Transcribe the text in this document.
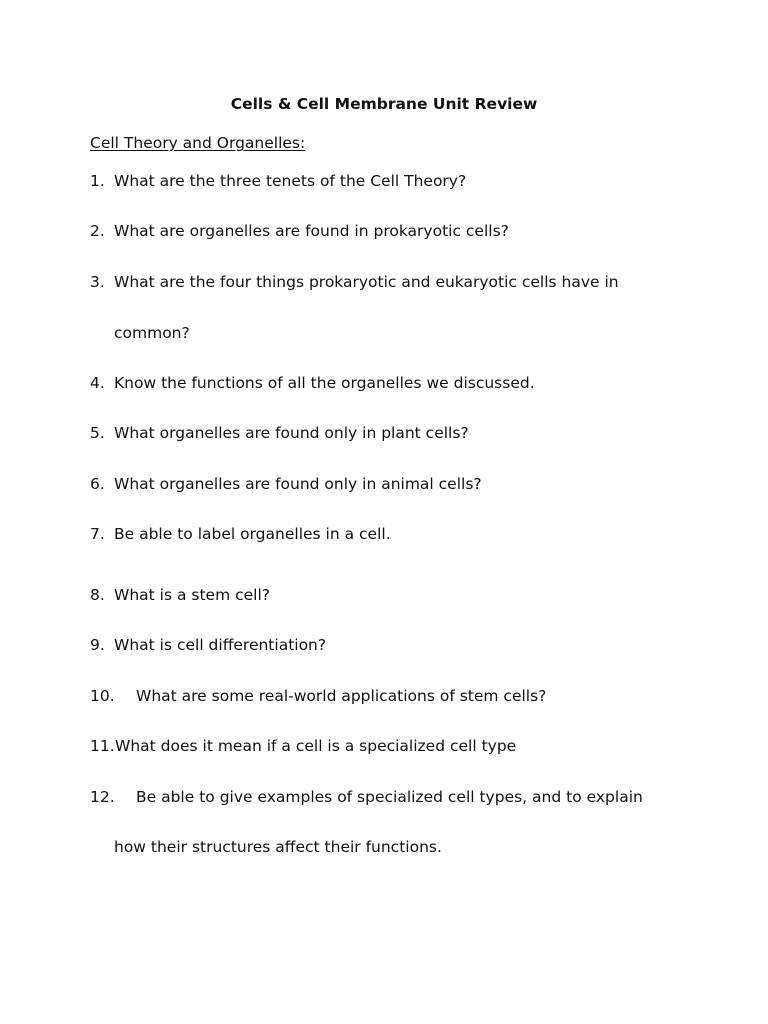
Cells & Cell Membrane Unit Review
Cell Theory and Organelles:
1. What are the three tenets of the Cell Theory?
2. What are organelles are found in prokaryotic cells?
3. What are the four things prokaryotic and eukaryotic cells have in
common?
4. Know the functions of all the organelles we discussed.
5. What organelles are found only in plant cells?
6. What organelles are found only in animal cells?
7. Be able to label organelles in a cell.
8. What is a stem cell?
9. What is cell differentiation?
10. What are some real-world applications of stem cells?
11.What does it mean if a cell is a specialized cell type
12. Be able to give examples of specialized cell types, and to explain
how their structures affect their functions.
